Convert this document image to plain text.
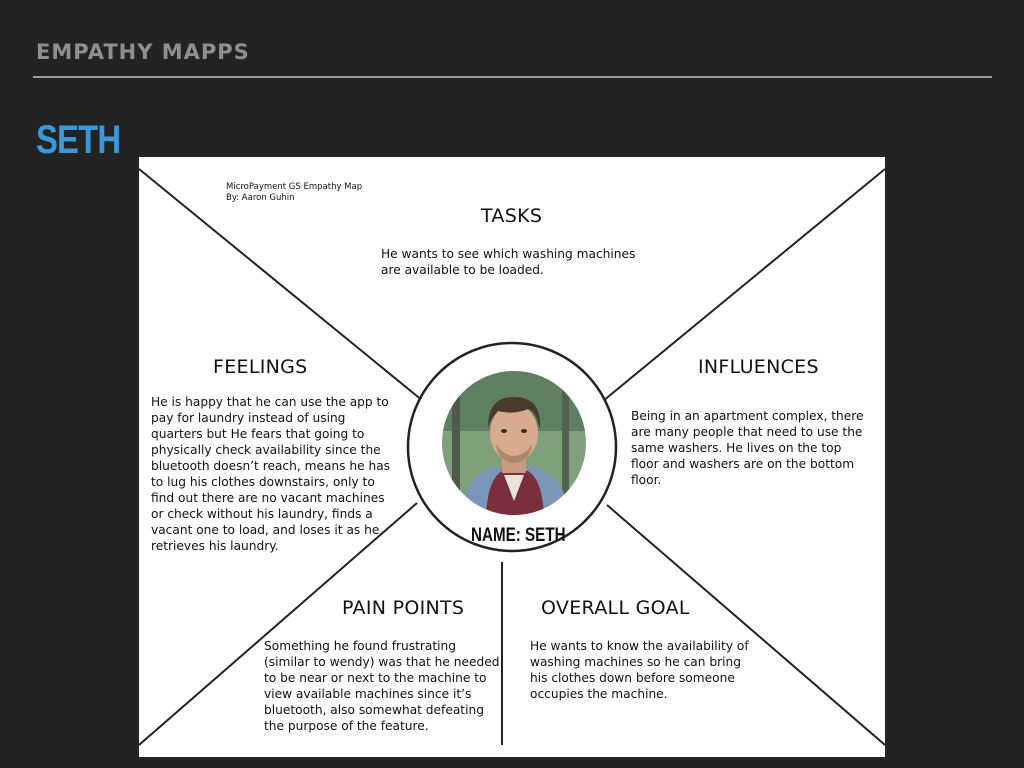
EMPATHY MAPPS
SETH
MicroPayment GS Empathy Map
By: Aaron Guhin
TASKS
He wants to see which washing machines are available to be loaded.
FEELINGS
He is happy that he can use the app to pay for laundry instead of using quarters but He fears that going to physically check availability since the bluetooth doesn’t reach, means he has to lug his clothes downstairs, only to find out there are no vacant machines or check without his laundry, finds a vacant one to load, and loses it as he retrieves his laundry.
INFLUENCES
Being in an apartment complex, there are many people that need to use the same washers. He lives on the top floor and washers are on the bottom floor.
PAIN POINTS
Something he found frustrating (similar to wendy) was that he needed to be near or next to the machine to view available machines since it’s bluetooth, also somewhat defeating the purpose of the feature.
OVERALL GOAL
He wants to know the availability of washing machines so he can bring his clothes down before someone occupies the machine.
NAME: SETH
